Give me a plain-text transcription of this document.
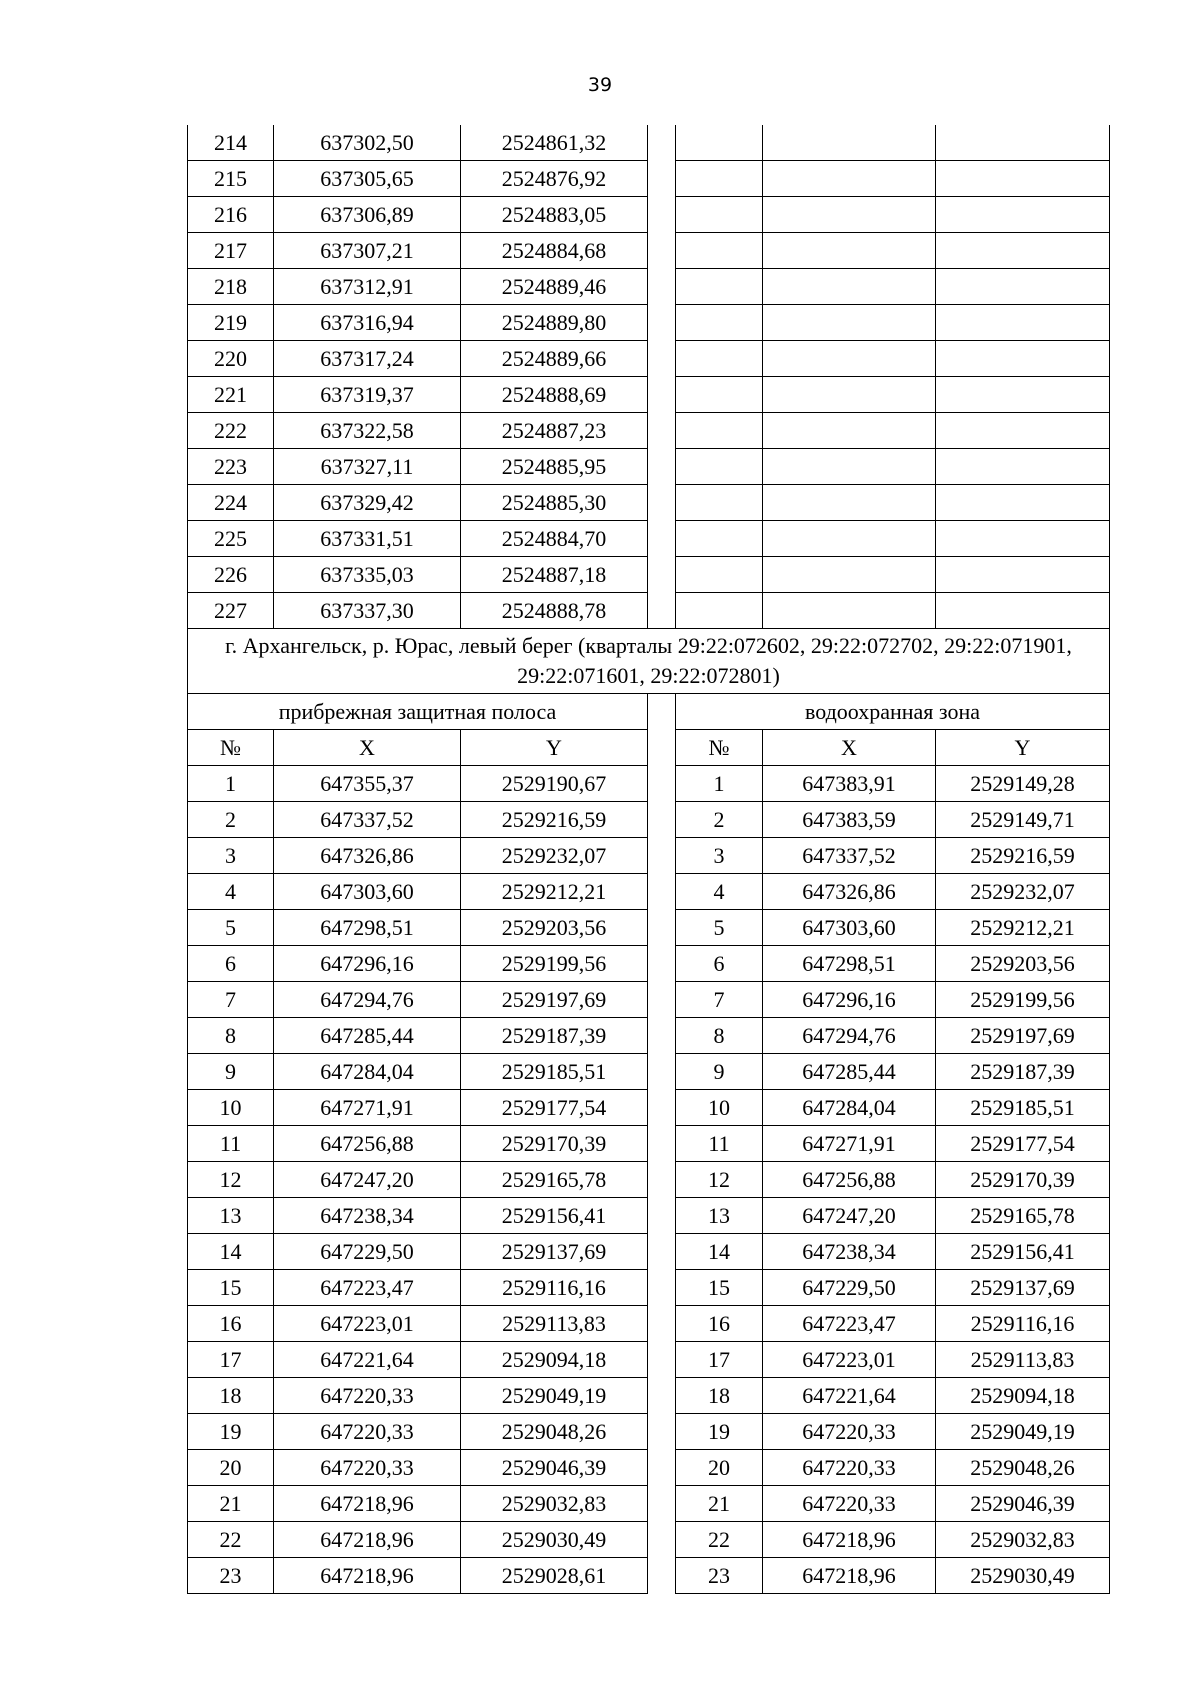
39
214	637302,50	2524861,32				
215	637305,65	2524876,92				
216	637306,89	2524883,05				
217	637307,21	2524884,68				
218	637312,91	2524889,46				
219	637316,94	2524889,80				
220	637317,24	2524889,66				
221	637319,37	2524888,69				
222	637322,58	2524887,23				
223	637327,11	2524885,95				
224	637329,42	2524885,30				
225	637331,51	2524884,70				
226	637335,03	2524887,18				
227	637337,30	2524888,78				
г. Архангельск, р. Юрас, левый берег (кварталы 29:22:072602, 29:22:072702, 29:22:071901, 29:22:071601, 29:22:072801)						
прибрежная защитная полоса				водоохранная зона		
№	X	Y		№	X	Y
1	647355,37	2529190,67		1	647383,91	2529149,28
2	647337,52	2529216,59		2	647383,59	2529149,71
3	647326,86	2529232,07		3	647337,52	2529216,59
4	647303,60	2529212,21		4	647326,86	2529232,07
5	647298,51	2529203,56		5	647303,60	2529212,21
6	647296,16	2529199,56		6	647298,51	2529203,56
7	647294,76	2529197,69		7	647296,16	2529199,56
8	647285,44	2529187,39		8	647294,76	2529197,69
9	647284,04	2529185,51		9	647285,44	2529187,39
10	647271,91	2529177,54		10	647284,04	2529185,51
11	647256,88	2529170,39		11	647271,91	2529177,54
12	647247,20	2529165,78		12	647256,88	2529170,39
13	647238,34	2529156,41		13	647247,20	2529165,78
14	647229,50	2529137,69		14	647238,34	2529156,41
15	647223,47	2529116,16		15	647229,50	2529137,69
16	647223,01	2529113,83		16	647223,47	2529116,16
17	647221,64	2529094,18		17	647223,01	2529113,83
18	647220,33	2529049,19		18	647221,64	2529094,18
19	647220,33	2529048,26		19	647220,33	2529049,19
20	647220,33	2529046,39		20	647220,33	2529048,26
21	647218,96	2529032,83		21	647220,33	2529046,39
22	647218,96	2529030,49		22	647218,96	2529032,83
23	647218,96	2529028,61		23	647218,96	2529030,49
